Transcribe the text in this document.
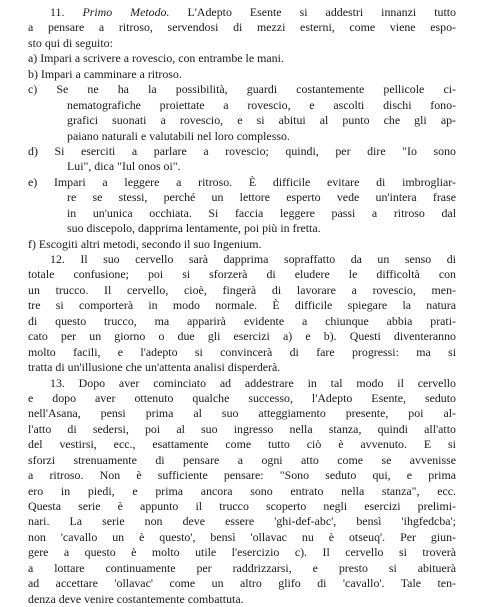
11. Primo Metodo. L'Adepto Esente si addestri innanzi tutto
a pensare a ritroso, servendosi di mezzi esterni, come viene espo-
sto qui di seguito:
a) Impari a scrivere a rovescio, con entrambe le mani.
b) Impari a camminare a ritroso.
c) Se ne ha la possibilità, guardi costantemente pellicole ci-
nematografiche proiettate a rovescio, e ascolti dischi fono-
grafici suonati a rovescio, e si abitui al punto che gli ap-
paiano naturali e valutabili nel loro complesso.
d) Si eserciti a parlare a rovescio; quindi, per dire "Io sono
Lui", dica "Iul onos oi".
e) Impari a leggere a ritroso. È difficile evitare di imbrogliar-
re se stessi, perché un lettore esperto vede un'intera frase
in un'unica occhiata. Si faccia leggere passi a ritroso dal
suo discepolo, dapprima lentamente, poi più in fretta.
f) Escogiti altri metodi, secondo il suo Ingenium.
12. Il suo cervello sarà dapprima sopraffatto da un senso di
totale confusione; poi si sforzerà di eludere le difficoltà con
un trucco. Il cervello, cioè, fingerà di lavorare a rovescio, men-
tre si comporterà in modo normale. È difficile spiegare la natura
di questo trucco, ma apparirà evidente a chiunque abbia prati-
cato per un giorno o due gli esercizi a) e b). Questi diventeranno
molto facili, e l'adepto si convincerà di fare progressi: ma si
tratta di un'illusione che un'attenta analisi disperderà.
13. Dopo aver cominciato ad addestrare in tal modo il cervello
e dopo aver ottenuto qualche successo, l'Adepto Esente, seduto
nell'Asana, pensi prima al suo atteggiamento presente, poi al-
l'atto di sedersi, poi al suo ingresso nella stanza, quindi all'atto
del vestirsi, ecc., esattamente come tutto ciò è avvenuto. E si
sforzi strenuamente di pensare a ogni atto come se avvenisse
a ritroso. Non è sufficiente pensare: "Sono seduto qui, e prima
ero in piedi, e prima ancora sono entrato nella stanza", ecc.
Questa serie è appunto il trucco scoperto negli esercizi prelimi-
nari. La serie non deve essere 'ghi-def-abc', bensì 'ihgfedcba';
non 'cavallo un è questo', bensì 'ollavac nu è otseuq'. Per giun-
gere a questo è molto utile l'esercizio c). Il cervello si troverà
a lottare continuamente per raddrizzarsi, e presto si abituerà
ad accettare 'ollavac' come un altro glifo di 'cavallo'. Tale ten-
denza deve venire costantemente combattuta.
